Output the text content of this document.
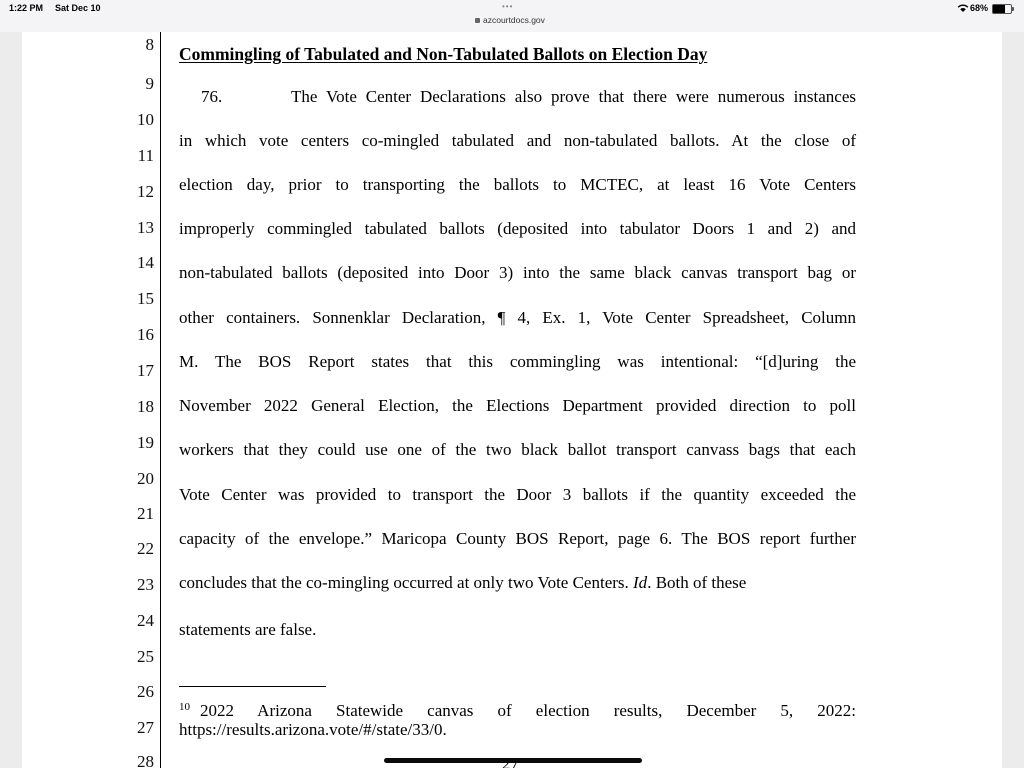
1:22 PM Sat Dec 10	•••
azcourtdocs.gov
68%
8
9
10
11
12
13
14
15
16
17
18
19
20
21
22
23
24
25
26
27
28
Commingling of Tabulated and Non-Tabulated Ballots on Election Day
76.	The Vote Center Declarations also prove that there were numerous instances
in which vote centers co-mingled tabulated and non-tabulated ballots. At the close of
election day, prior to transporting the ballots to MCTEC, at least 16 Vote Centers
improperly commingled tabulated ballots (deposited into tabulator Doors 1 and 2) and
non-tabulated ballots (deposited into Door 3) into the same black canvas transport bag or
other containers. Sonnenklar Declaration, ¶ 4, Ex. 1, Vote Center Spreadsheet, Column
M. The BOS Report states that this commingling was intentional: “[d]uring the
November 2022 General Election, the Elections Department provided direction to poll
workers that they could use one of the two black ballot transport canvass bags that each
Vote Center was provided to transport the Door 3 ballots if the quantity exceeded the
capacity of the envelope.” Maricopa County BOS Report, page 6. The BOS report further
concludes that the co-mingling occurred at only two Vote Centers. Id. Both of these
statements are false.
$^{10}$ 2022 Arizona Statewide canvas of election results, December 5, 2022:
https://results.arizona.vote/#/state/33/0.
